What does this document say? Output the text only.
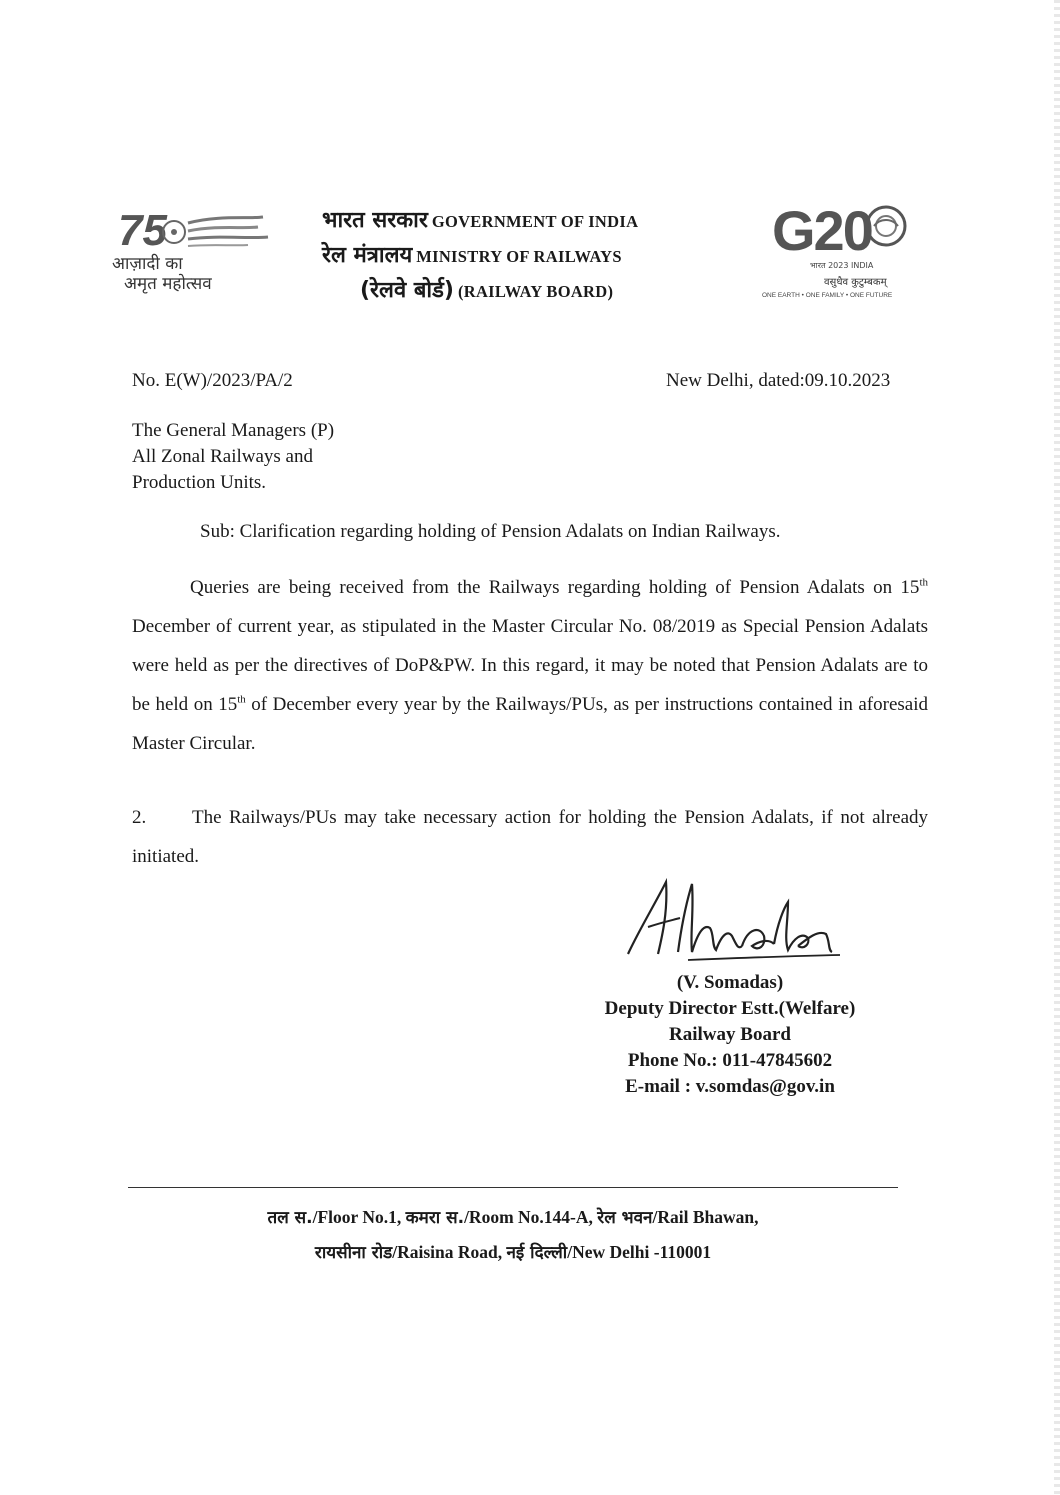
75
आज़ादी का
अमृत महोत्सव
भारत सरकार GOVERNMENT OF INDIA
रेल मंत्रालय MINISTRY OF RAILWAYS
(रेलवे बोर्ड) (RAILWAY BOARD)
G20
भारत 2023 INDIA
वसुधैव कुटुम्बकम्
ONE EARTH • ONE FAMILY • ONE FUTURE
No. E(W)/2023/PA/2	New Delhi, dated:09.10.2023
The General Managers (P)
All Zonal Railways and
Production Units.
Sub: Clarification regarding holding of Pension Adalats on Indian Railways.
Queries are being received from the Railways regarding holding of Pension Adalats on 15th December of current year, as stipulated in the Master Circular No. 08/2019 as Special Pension Adalats were held as per the directives of DoP&PW. In this regard, it may be noted that Pension Adalats are to be held on 15th of December every year by the Railways/PUs, as per instructions contained in aforesaid Master Circular.
2. The Railways/PUs may take necessary action for holding the Pension Adalats, if not already initiated.
(V. Somadas)
Deputy Director Estt.(Welfare)
Railway Board
Phone No.: 011-47845602
E-mail : v.somdas@gov.in
तल स./Floor No.1, कमरा स./Room No.144-A, रेल भवन/Rail Bhawan,
रायसीना रोड/Raisina Road, नई दिल्ली/New Delhi -110001
